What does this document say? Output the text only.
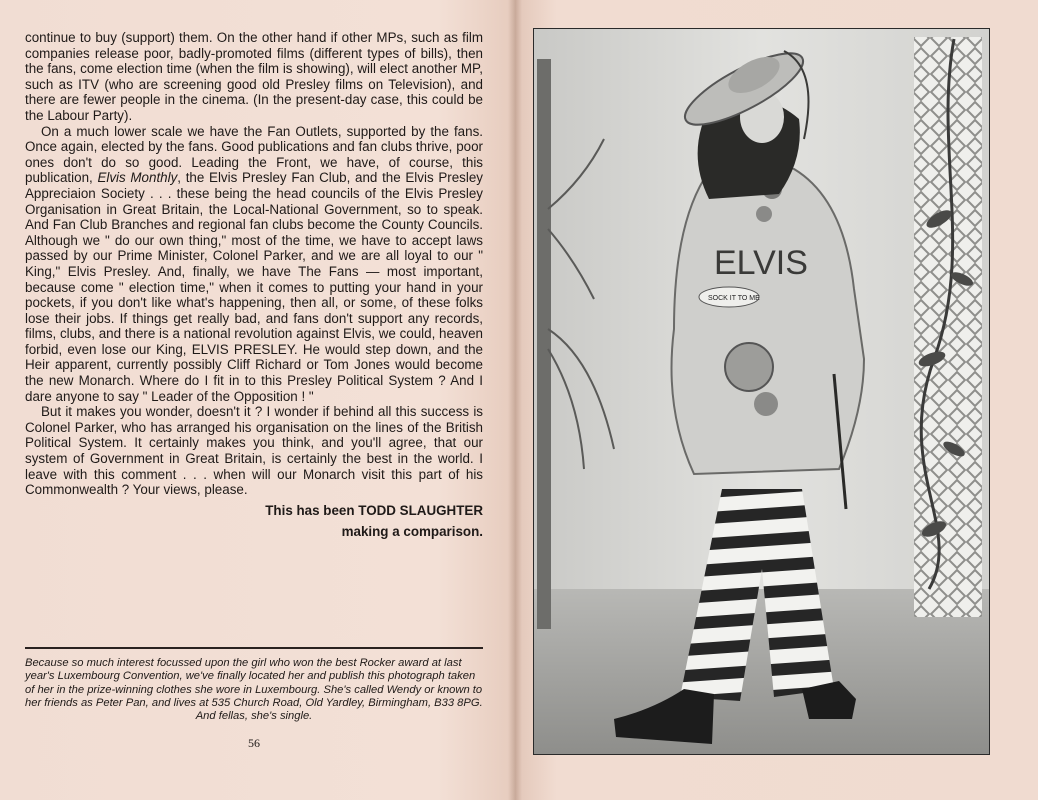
continue to buy (support) them. On the other hand if other MPs, such as film companies release poor, badly-promoted films (different types of bills), then the fans, come election time (when the film is showing), will elect another MP, such as ITV (who are screening good old Presley films on Television), and there are fewer people in the cinema. (In the present-day case, this could be the Labour Party).

On a much lower scale we have the Fan Outlets, supported by the fans. Once again, elected by the fans. Good publications and fan clubs thrive, poor ones don't do so good. Leading the Front, we have, of course, this publication, Elvis Monthly, the Elvis Presley Fan Club, and the Elvis Presley Appreciaion Society . . . these being the head councils of the Elvis Presley Organisation in Great Britain, the Local-National Government, so to speak. And Fan Club Branches and regional fan clubs become the County Councils. Although we " do our own thing," most of the time, we have to accept laws passed by our Prime Minister, Colonel Parker, and we are all loyal to our " King," Elvis Presley. And, finally, we have The Fans — most important, because come " election time," when it comes to putting your hand in your pockets, if you don't like what's happening, then all, or some, of these folks lose their jobs. If things get really bad, and fans don't support any records, films, clubs, and there is a national revolution against Elvis, we could, heaven forbid, even lose our King, ELVIS PRESLEY. He would step down, and the Heir apparent, currently possibly Cliff Richard or Tom Jones would become the new Monarch. Where do I fit in to this Presley Political System ? And I dare anyone to say " Leader of the Opposition ! "

But it makes you wonder, doesn't it ? I wonder if behind all this success is Colonel Parker, who has arranged his organisation on the lines of the British Political System. It certainly makes you think, and you'll agree, that our system of Government in Great Britain, is certainly the best in the world. I leave with this comment . . . when will our Monarch visit this part of his Commonwealth ? Your views, please.

This has been TODD SLAUGHTER
making a comparison.
Because so much interest focussed upon the girl who won the best Rocker award at last year's Luxembourg Convention, we've finally located her and publish this photograph taken of her in the prize-winning clothes she wore in Luxembourg. She's called Wendy or known to her friends as Peter Pan, and lives at 535 Church Road, Old Yardley, Birmingham, B33 8PG.
And fellas, she's single.
56
ELVIS
SOCK IT TO ME
